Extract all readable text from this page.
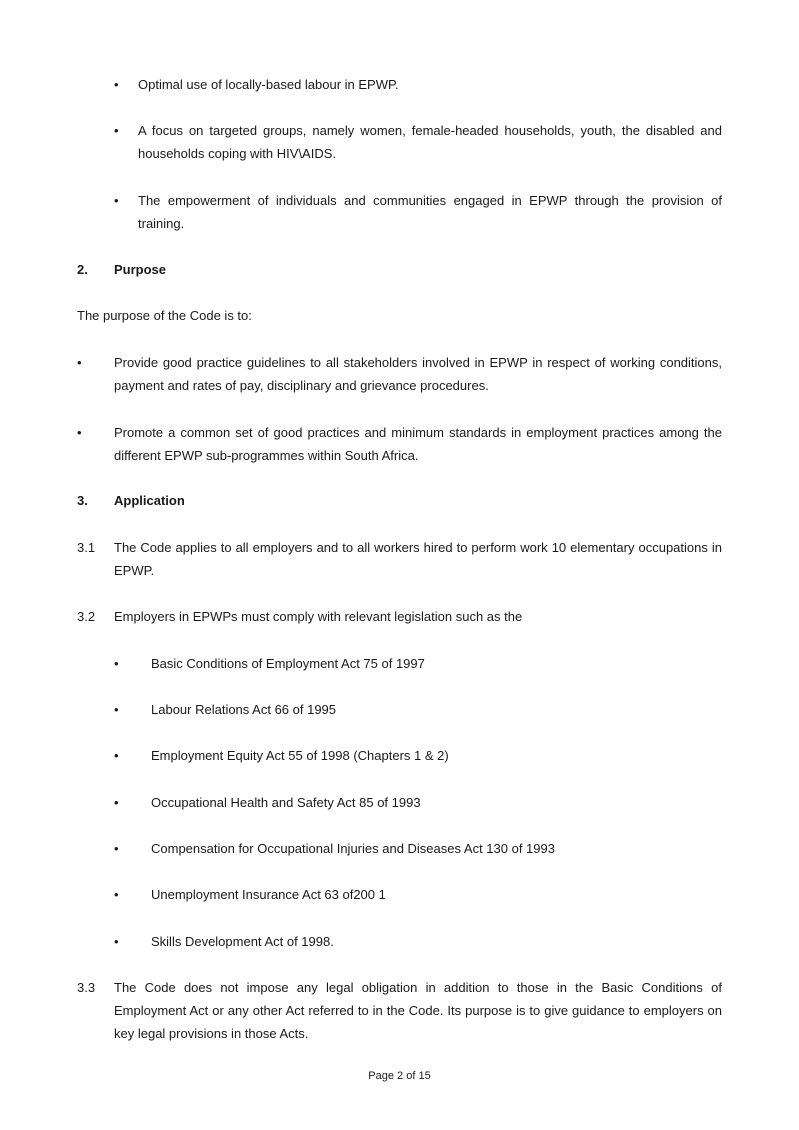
• Optimal use of locally-based labour in EPWP.
• A focus on targeted groups, namely women, female-headed households, youth, the disabled and households coping with HIV\AIDS.
• The empowerment of individuals and communities engaged in EPWP through the provision of training.
2. Purpose
The purpose of the Code is to:
• Provide good practice guidelines to all stakeholders involved in EPWP in respect of working conditions, payment and rates of pay, disciplinary and grievance procedures.
• Promote a common set of good practices and minimum standards in employment practices among the different EPWP sub-programmes within South Africa.
3. Application
3.1 The Code applies to all employers and to all workers hired to perform work 10 elementary occupations in EPWP.
3.2 Employers in EPWPs must comply with relevant legislation such as the
• Basic Conditions of Employment Act 75 of 1997
• Labour Relations Act 66 of 1995
• Employment Equity Act 55 of 1998 (Chapters 1 & 2)
• Occupational Health and Safety Act 85 of 1993
• Compensation for Occupational Injuries and Diseases Act 130 of 1993
• Unemployment Insurance Act 63 of200 1
• Skills Development Act of 1998.
3.3 The Code does not impose any legal obligation in addition to those in the Basic Conditions of Employment Act or any other Act referred to in the Code. Its purpose is to give guidance to employers on key legal provisions in those Acts.
Page 2 of 15
